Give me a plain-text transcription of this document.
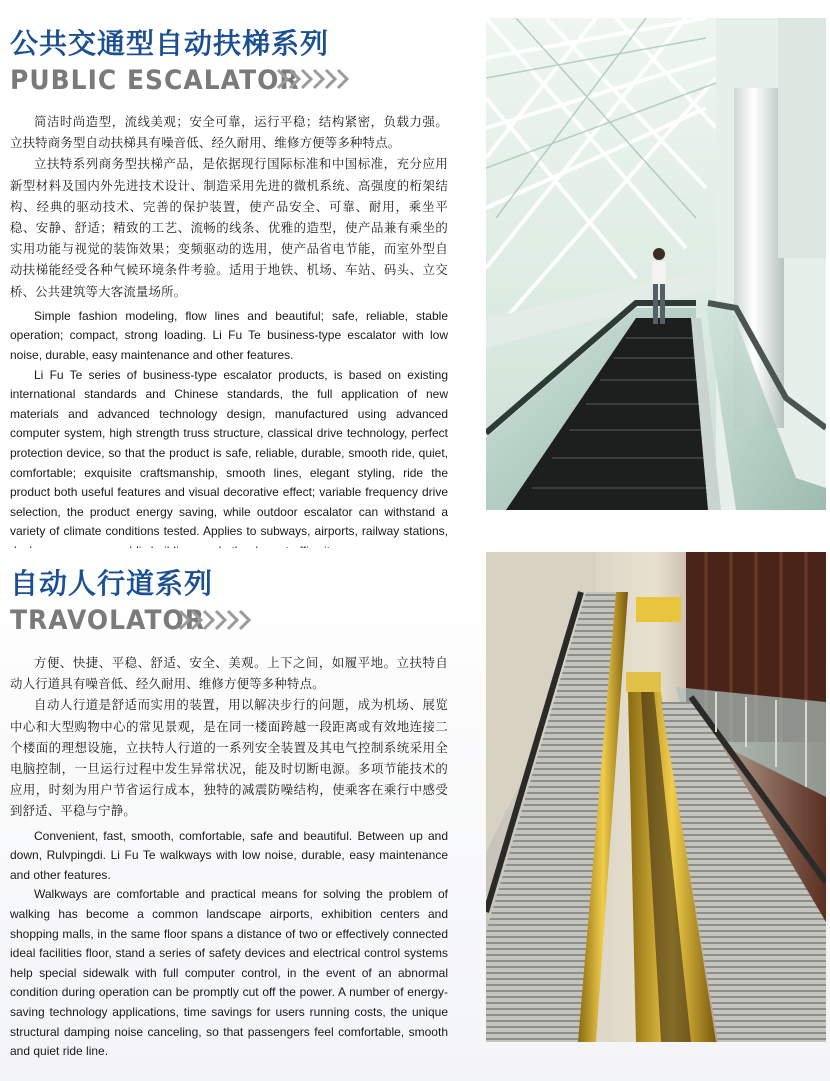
公共交通型自动扶梯系列
PUBLIC ESCALATOR

简洁时尚造型，流线美观；安全可靠，运行平稳；结构紧密，负载力强。立扶特商务型自动扶梯具有噪音低、经久耐用、维修方便等多种特点。

立扶特系列商务型扶梯产品，是依据现行国际标准和中国标准，充分应用新型材料及国内外先进技术设计、制造采用先进的微机系统、高强度的桁架结构、经典的驱动技术、完善的保护装置，使产品安全、可靠、耐用，乘坐平稳、安静、舒适；精致的工艺、流畅的线条、优雅的造型，使产品兼有乘坐的实用功能与视觉的装饰效果；变频驱动的选用，使产品省电节能，而室外型自动扶梯能经受各种气候环境条件考验。适用于地铁、机场、车站、码头、立交桥、公共建筑等大客流量场所。

Simple fashion modeling, flow lines and beautiful; safe, reliable, stable operation; compact, strong loading. Li Fu Te business-type escalator with low noise, durable, easy maintenance and other features.

Li Fu Te series of business-type escalator products, is based on existing international standards and Chinese standards, the full application of new materials and advanced technology design, manufactured using advanced computer system, high strength truss structure, classical drive technology, perfect protection device, so that the product is safe, reliable, durable, smooth ride, quiet, comfortable; exquisite craftsmanship, smooth lines, elegant styling, ride the product both useful features and visual decorative effect; variable frequency drive selection, the product energy saving, while outdoor escalator can withstand a variety of climate conditions tested. Applies to subways, airports, railway stations,

自动人行道系列
TRAVOLATOR

方便、快捷、平稳、舒适、安全、美观。上下之间，如履平地。立扶特自动人行道具有噪音低、经久耐用、维修方便等多种特点。

自动人行道是舒适而实用的装置，用以解决步行的问题，成为机场、展览中心和大型购物中心的常见景观，是在同一楼面跨越一段距离或有效地连接二个楼面的理想设施，立扶特人行道的一系列安全装置及其电气控制系统采用全电脑控制，一旦运行过程中发生异常状况，能及时切断电源。多项节能技术的应用，时刻为用户节省运行成本，独特的减震防噪结构，使乘客在乘行中感受到舒适、平稳与宁静。

Convenient, fast, smooth, comfortable, safe and beautiful. Between up and down, Rulvpingdi. Li Fu Te walkways with low noise, durable, easy maintenance and other features.

Walkways are comfortable and practical means for solving the problem of walking has become a common landscape airports, exhibition centers and shopping malls, in the same floor spans a distance of two or effectively connected ideal facilities floor, stand a series of safety devices and electrical control systems help special sidewalk with full computer control, in the event of an abnormal condition during operation can be promptly cut off the power. A number of energy-saving technology applications, time savings for users running costs, the unique structural damping noise canceling, so that passengers feel comfortable, smooth and quiet ride line.
